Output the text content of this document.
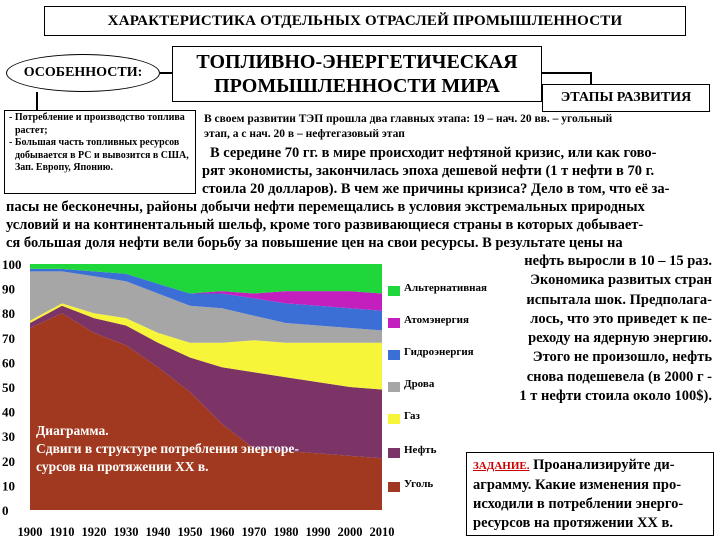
ХАРАКТЕРИСТИКА ОТДЕЛЬНЫХ ОТРАСЛЕЙ ПРОМЫШЛЕННОСТИ
ОСОБЕННОСТИ:	ТОПЛИВНО-ЭНЕРГЕТИЧЕСКАЯ
ПРОМЫШЛЕННОСТИ МИРА
ЭТАПЫ РАЗВИТИЯ
- Потребление и производство топлива растет;
- Большая часть топливных ресурсов добывается в РС и вывозится в США, Зап. Европу, Японию.
В своем развитии ТЭП прошла два главных этапа: 19 – нач. 20 вв. – угольный
этап, а с нач. 20 в – нефтегазовый этап
В середине 70 гг. в мире происходит нефтяной кризис, или как гово-
рят экономисты, закончилась эпоха дешевой нефти (1 т нефти в 70 г.
стоила 20 долларов). В чем же причины кризиса? Дело в том, что её за-
пасы не бесконечны, районы добычи нефти перемещались в условия экстремальных природных
условий и на континентальный шельф, кроме того развивающиеся страны в которых добывает-
ся большая доля нефти вели борьбу за повышение цен на свои ресурсы. В результате цены на
нефть выросли в 10 – 15 раз.
Экономика развитых стран
испытала шок. Предполага-
лось, что это приведет к пе-
реходу на ядерную энергию.
Этого не произошло, нефть
снова подешевела (в 2000 г -
1 т нефти стоила около 100$).
0
10
20
30
40
50
60
70
80
90
100
1900 1910 1920 1930 1940 1950 1960 1970 1980 1990 2000 2010
Альтернативная
Атомэнергия
Гидроэнергия
Дрова
Газ
Нефть
Уголь
Диаграмма.
Сдвиги в структуре потребления энергоре-
сурсов на протяжении XX в.	ЗАДАНИЕ. Проанализируйте ди-
аграмму. Какие изменения про-
исходили в потреблении энерго-
ресурсов на протяжении XX в.
